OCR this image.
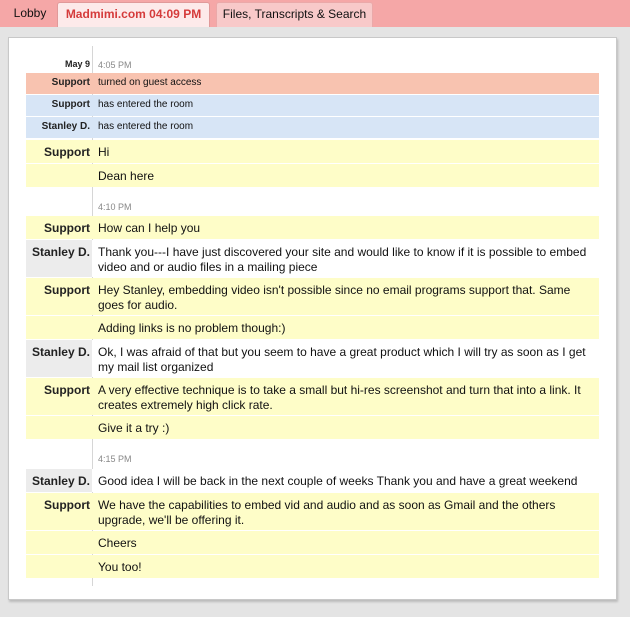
Lobby	Madmimi.com 04:09 PM	Files, Transcripts & Search
May 9 4:05 PM
Support turned on guest access
Support has entered the room
Stanley D. has entered the room
Support Hi
Dean here
4:10 PM
Support How can I help you
Stanley D. Thank you---I have just discovered your site and would like to know if it is possible to embed video and or audio files in a mailing piece
Support Hey Stanley, embedding video isn't possible since no email programs support that. Same goes for audio.
Adding links is no problem though:)
Stanley D. Ok, I was afraid of that but you seem to have a great product which I will try as soon as I get my mail list organized
Support A very effective technique is to take a small but hi-res screenshot and turn that into a link. It creates extremely high click rate.
Give it a try :)
4:15 PM
Stanley D. Good idea I will be back in the next couple of weeks Thank you and have a great weekend
Support We have the capabilities to embed vid and audio and as soon as Gmail and the others upgrade, we'll be offering it.
Cheers
You too!
